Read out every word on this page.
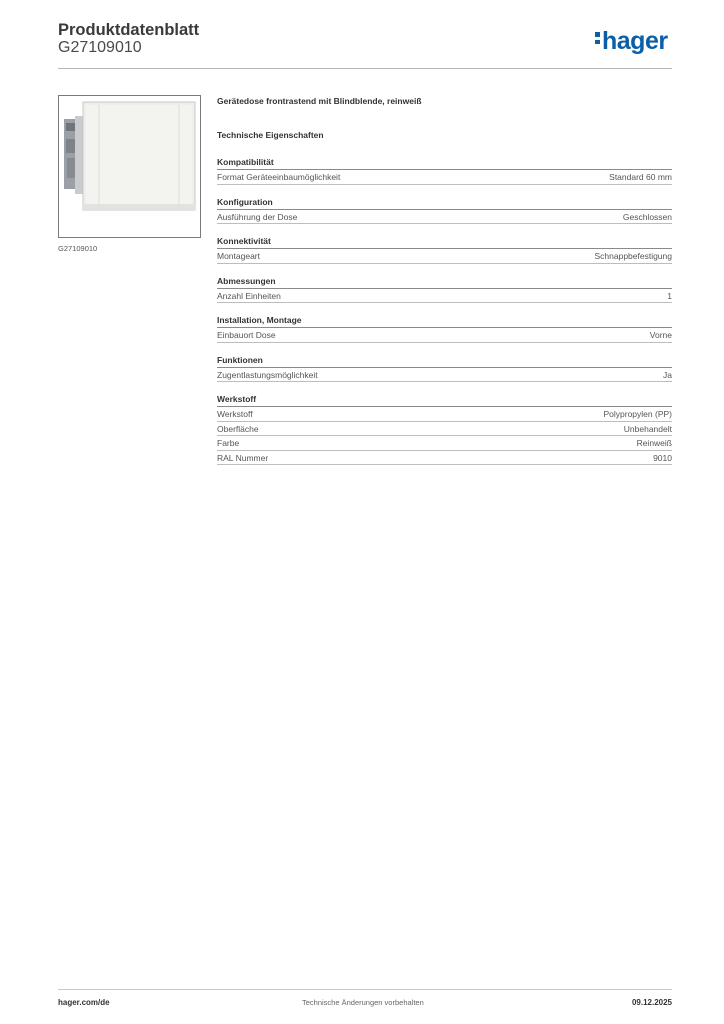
Produktdatenblatt
G27109010	hager
G27109010
Gerätedose frontrastend mit Blindblende, reinweiß
Technische Eigenschaften
Kompatibilität
Format Geräteeinbaumöglichkeit	Standard 60 mm
Konfiguration
Ausführung der Dose	Geschlossen
Konnektivität
Montageart	Schnappbefestigung
Abmessungen
Anzahl Einheiten	1
Installation, Montage
Einbauort Dose	Vorne
Funktionen
Zugentlastungsmöglichkeit	Ja
Werkstoff
Werkstoff	Polypropylen (PP)
Oberfläche	Unbehandelt
Farbe	Reinweiß
RAL Nummer	9010
hager.com/de	Technische Änderungen vorbehalten	09.12.2025
